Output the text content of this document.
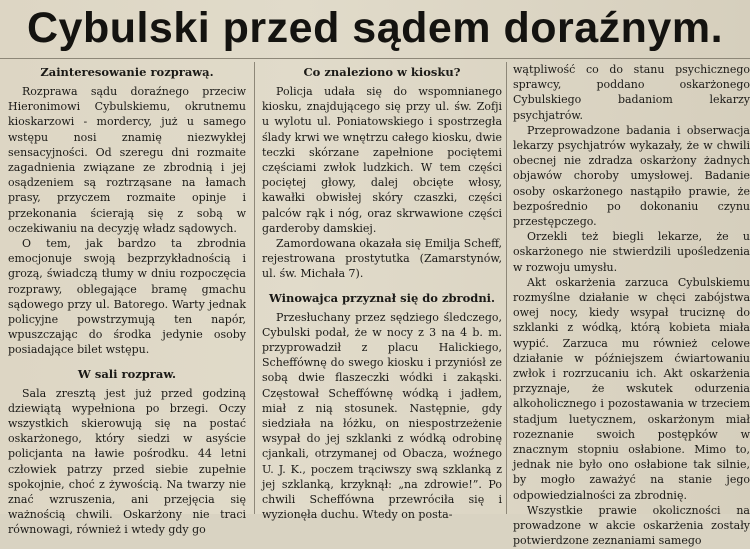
Cybulski przed sądem doraźnym.
Zainteresowanie rozprawą.

Rozprawa sądu doraźnego przeciw Hieronimowi Cybulskiemu, okrutnemu kioskarzowi - mordercy, już u samego wstępu nosi znamię niezwykłej sensacyjności. Od szeregu dni rozmaite zagadnienia związane ze zbrodnią i jej osądzeniem są roztrząsane na łamach prasy, przyczem rozmaite opinje i przekonania ścierają się z sobą w oczekiwaniu na decyzję władz sądowych.

O tem, jak bardzo ta zbrodnia emocjonuje swoją bezprzykładnością i grozą, świadczą tłumy w dniu rozpoczęcia rozprawy, oblegające bramę gmachu sądowego przy ul. Batorego. Warty jednak policyjne powstrzymują ten napór, wpuszczając do środka jedynie osoby posiadające bilet wstępu.

W sali rozpraw.

Sala zresztą jest już przed godziną dziewiątą wypełniona po brzegi. Oczy wszystkich skierowują się na postać oskarżonego, który siedzi w asyście policjanta na ławie pośrodku. 44 letni człowiek patrzy przed siebie zupełnie spokojnie, choć z żywością. Na twarzy nie znać wzruszenia, ani przejęcia się ważnością chwili. Oskarżony nie traci równowagi, również i wtedy gdy go

Co znaleziono w kiosku?

Policja udała się do wspomnianego kiosku, znajdującego się przy ul. św. Zofji u wylotu ul. Poniatowskiego i spostrzegła ślady krwi we wnętrzu całego kiosku, dwie teczki skórzane zapełnione pociętemi częściami zwłok ludzkich. W tem części pociętej głowy, dalej obcięte włosy, kawałki obwisłej skóry czaszki, części palców rąk i nóg, oraz skrwawione części garderoby damskiej.

Zamordowana okazała się Emilja Scheff, rejestrowana prostytutka (Zamarstynów, ul. św. Michała 7).

Winowajca przyznał się do zbrodni.

Przesłuchany przez sędziego śledczego, Cybulski podał, że w nocy z 3 na 4 b. m. przyprowadził z placu Halickiego, Scheffównę do swego kiosku i przyniósł ze sobą dwie flaszeczki wódki i zakąski. Częstował Scheffównę wódką i jadłem, miał z nią stosunek. Następnie, gdy siedziała na łóżku, on niespostrzeżenie wsypał do jej szklanki z wódką odrobinę cjankali, otrzymanej od Obacza, woźnego U. J. K., poczem trąciwszy swą szklanką z jej szklanką, krzyknął: „na zdrowie!”. Po chwili Scheffówna przewróciła się i wyzionęła duchu. Wtedy on posta-

wątpliwość co do stanu psychicznego sprawcy, poddano oskarżonego Cybulskiego badaniom lekarzy psychjatrów.

Przeprowadzone badania i obserwacja lekarzy psychjatrów wykazały, że w chwili obecnej nie zdradza oskarżony żadnych objawów choroby umysłowej. Badanie osoby oskarżonego nastąpiło prawie, że bezpośrednio po dokonaniu czynu przestępczego.

Orzekli też biegli lekarze, że u oskarżonego nie stwierdzili upośledzenia w rozwoju umysłu.

Akt oskarżenia zarzuca Cybulskiemu rozmyślne działanie w chęci zabójstwa owej nocy, kiedy wsypał truciznę do szklanki z wódką, którą kobieta miała wypić. Zarzuca mu również celowe działanie w późniejszem ćwiartowaniu zwłok i rozrzucaniu ich. Akt oskarżenia przyznaje, że wskutek odurzenia alkoholicznego i pozostawania w trzeciem stadjum luetycznem, oskarżonym miał rozeznanie swoich postępków w znacznym stopniu osłabione. Mimo to, jednak nie było ono osłabione tak silnie, by mogło zaważyć na stanie jego odpowiedzialności za zbrodnię.

Wszystkie prawie okoliczności na prowadzone w akcie oskarżenia zostały potwierdzone zeznaniami samego
